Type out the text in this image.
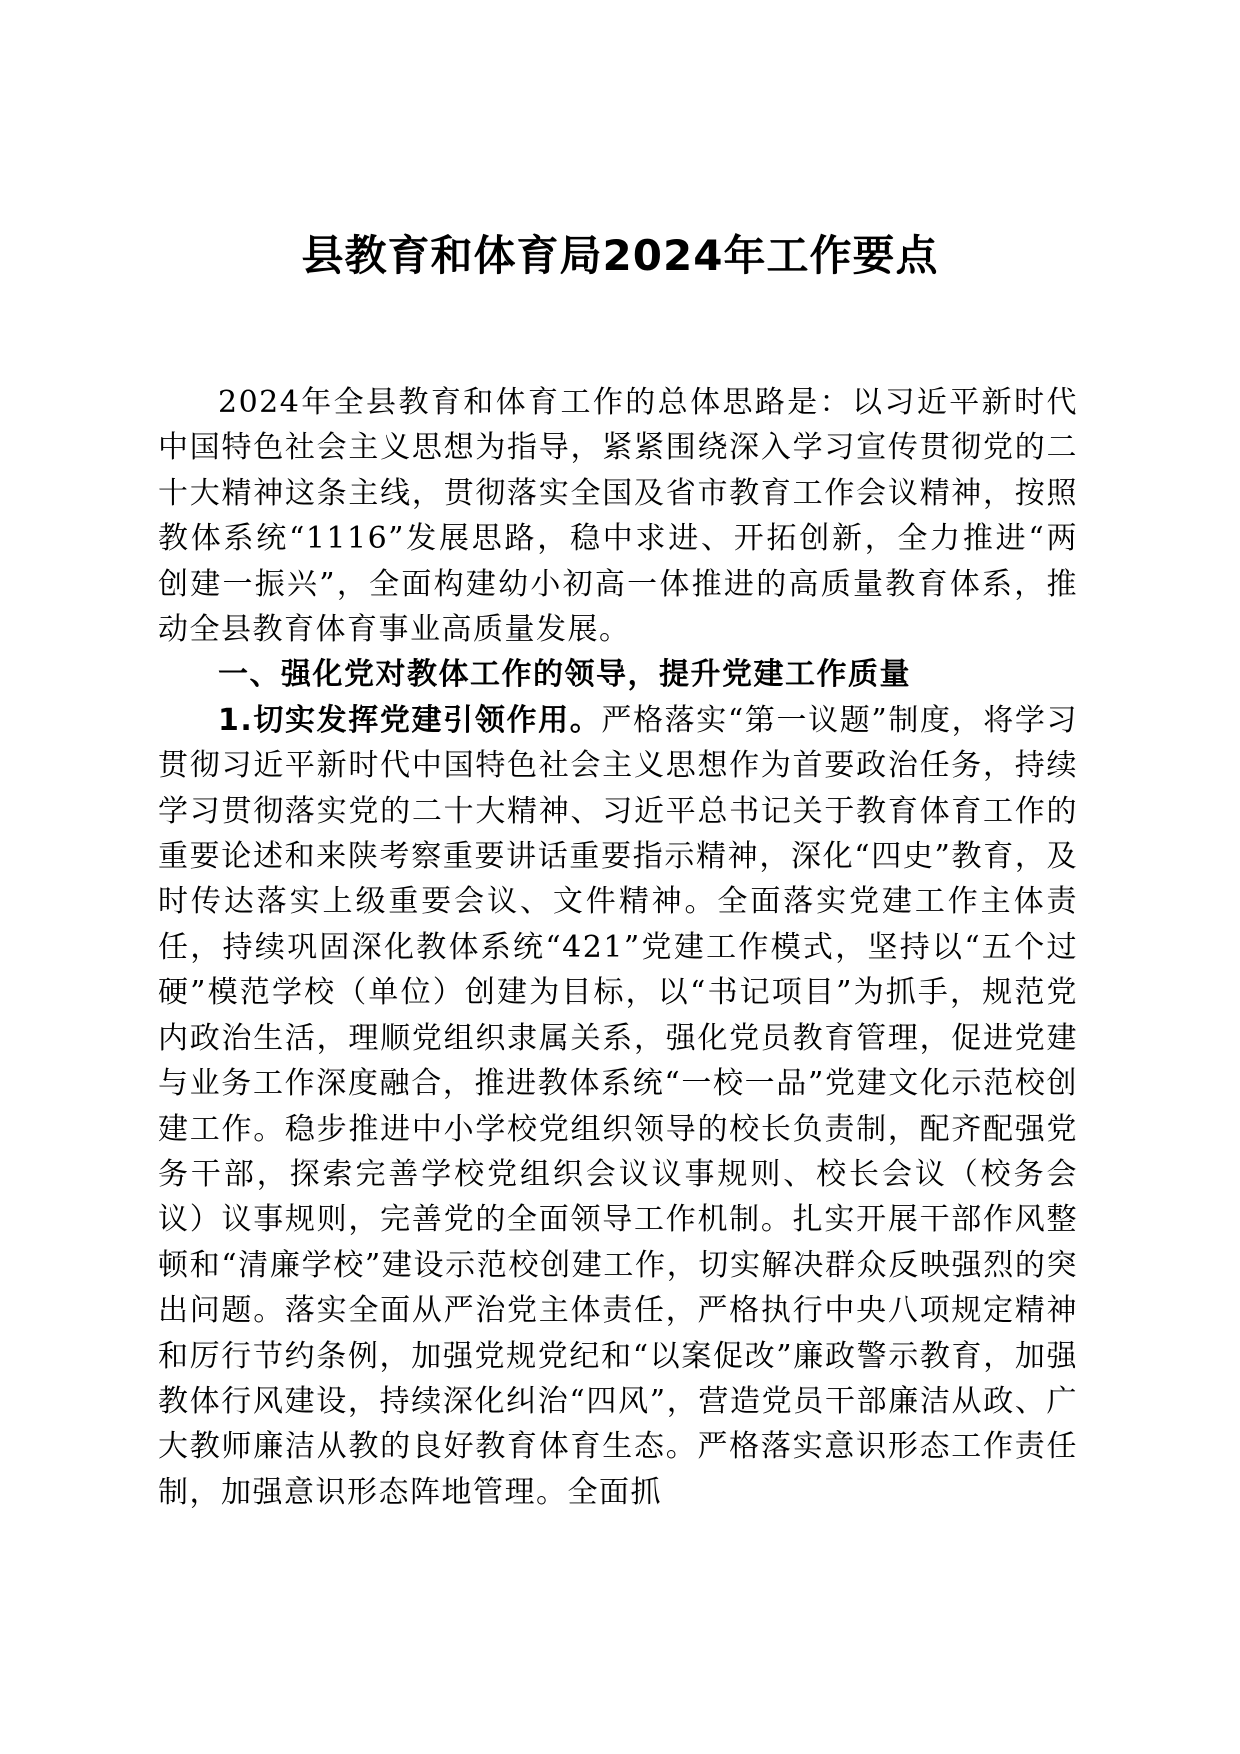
县教育和体育局2024年工作要点

2024年全县教育和体育工作的总体思路是：以习近平新时代中国特色社会主义思想为指导，紧紧围绕深入学习宣传贯彻党的二十大精神这条主线，贯彻落实全国及省市教育工作会议精神，按照教体系统“1116”发展思路，稳中求进、开拓创新，全力推进“两创建一振兴”，全面构建幼小初高一体推进的高质量教育体系，推动全县教育体育事业高质量发展。

一、强化党对教体工作的领导，提升党建工作质量

1.切实发挥党建引领作用。严格落实“第一议题”制度，将学习贯彻习近平新时代中国特色社会主义思想作为首要政治任务，持续学习贯彻落实党的二十大精神、习近平总书记关于教育体育工作的重要论述和来陕考察重要讲话重要指示精神，深化“四史”教育，及时传达落实上级重要会议、文件精神。全面落实党建工作主体责任，持续巩固深化教体系统“421”党建工作模式，坚持以“五个过硬”模范学校（单位）创建为目标，以“书记项目”为抓手，规范党内政治生活，理顺党组织隶属关系，强化党员教育管理，促进党建与业务工作深度融合，推进教体系统“一校一品”党建文化示范校创建工作。稳步推进中小学校党组织领导的校长负责制，配齐配强党务干部，探索完善学校党组织会议议事规则、校长会议（校务会议）议事规则，完善党的全面领导工作机制。扎实开展干部作风整顿和“清廉学校”建设示范校创建工作，切实解决群众反映强烈的突出问题。落实全面从严治党主体责任，严格执行中央八项规定精神和厉行节约条例，加强党规党纪和“以案促改”廉政警示教育，加强教体行风建设，持续深化纠治“四风”，营造党员干部廉洁从政、广大教师廉洁从教的良好教育体育生态。严格落实意识形态工作责任制，加强意识形态阵地管理。全面抓
